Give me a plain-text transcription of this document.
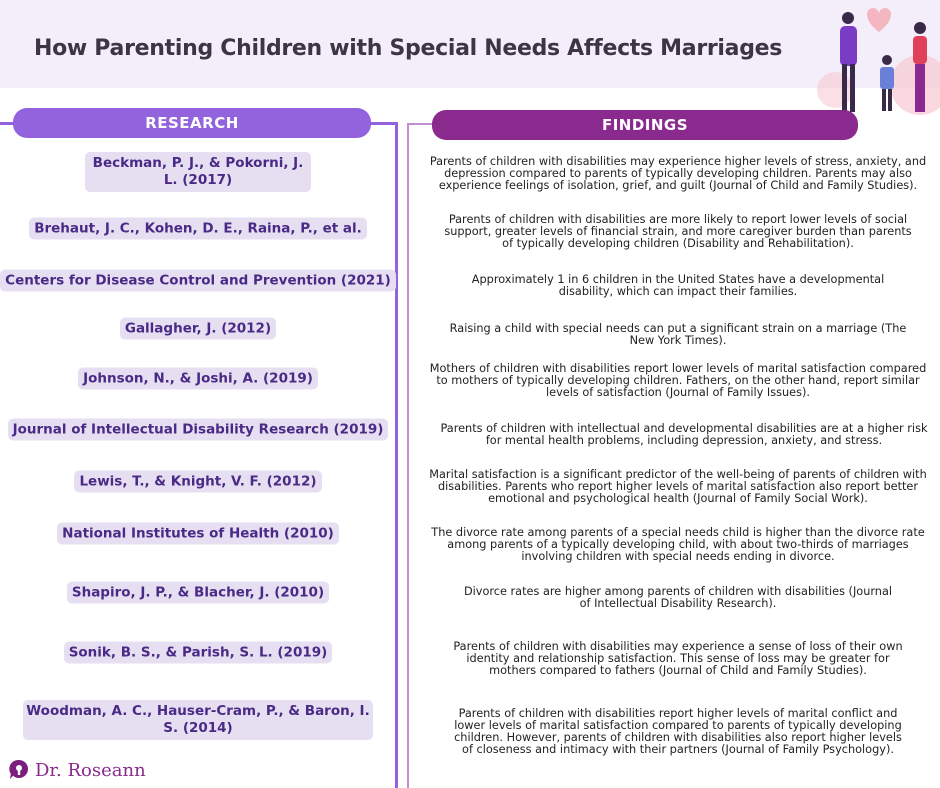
How Parenting Children with Special Needs Affects Marriages
RESEARCH	FINDINGS
Beckman, P. J., & Pokorni, J. L. (2017)
Brehaut, J. C., Kohen, D. E., Raina, P., et al.
Centers for Disease Control and Prevention (2021)
Gallagher, J. (2012)
Johnson, N., & Joshi, A. (2019)
Journal of Intellectual Disability Research (2019)
Lewis, T., & Knight, V. F. (2012)
National Institutes of Health (2010)
Shapiro, J. P., & Blacher, J. (2010)
Sonik, B. S., & Parish, S. L. (2019)
Woodman, A. C., Hauser-Cram, P., & Baron, I. S. (2014)
Parents of children with disabilities may experience higher levels of stress, anxiety, and depression compared to parents of typically developing children. Parents may also experience feelings of isolation, grief, and guilt (Journal of Child and Family Studies).
Parents of children with disabilities are more likely to report lower levels of social support, greater levels of financial strain, and more caregiver burden than parents of typically developing children (Disability and Rehabilitation).
Approximately 1 in 6 children in the United States have a developmental disability, which can impact their families.
Raising a child with special needs can put a significant strain on a marriage (The New York Times).
Mothers of children with disabilities report lower levels of marital satisfaction compared to mothers of typically developing children. Fathers, on the other hand, report similar levels of satisfaction (Journal of Family Issues).
Parents of children with intellectual and developmental disabilities are at a higher risk for mental health problems, including depression, anxiety, and stress.
Marital satisfaction is a significant predictor of the well-being of parents of children with disabilities. Parents who report higher levels of marital satisfaction also report better emotional and psychological health (Journal of Family Social Work).
The divorce rate among parents of a special needs child is higher than the divorce rate among parents of a typically developing child, with about two-thirds of marriages involving children with special needs ending in divorce.
Divorce rates are higher among parents of children with disabilities (Journal of Intellectual Disability Research).
Parents of children with disabilities may experience a sense of loss of their own identity and relationship satisfaction. This sense of loss may be greater for mothers compared to fathers (Journal of Child and Family Studies).
Parents of children with disabilities report higher levels of marital conflict and lower levels of marital satisfaction compared to parents of typically developing children. However, parents of children with disabilities also report higher levels of closeness and intimacy with their partners (Journal of Family Psychology).
Dr. Roseann
